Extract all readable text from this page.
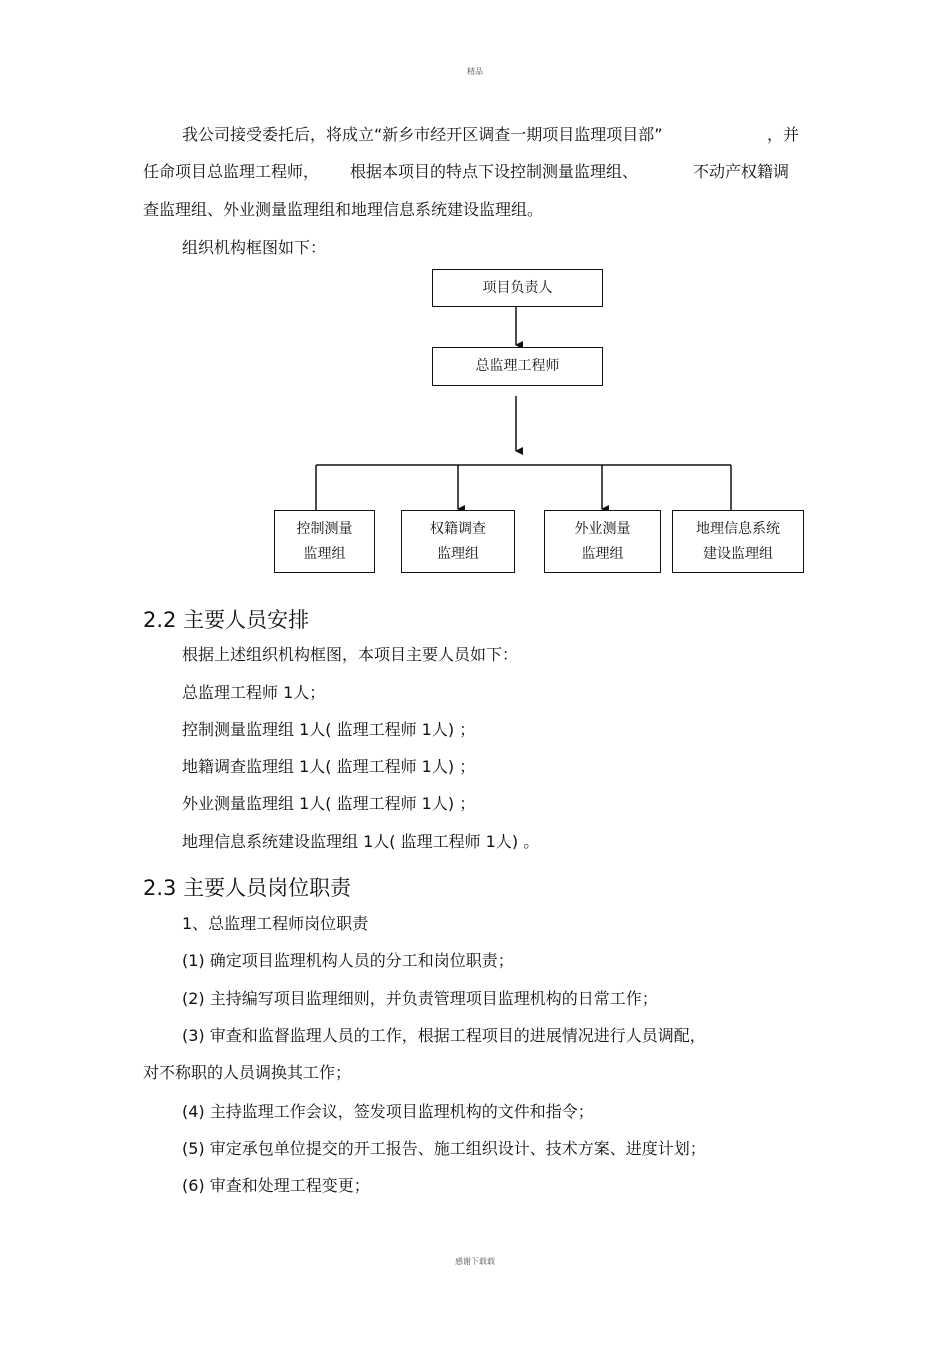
精品
我公司接受委托后，将成立“新乡市经开区调查一期项目监理项目部”	，并
任命项目总监理工程师， 根据本项目的特点下设控制测量监理组、	不动产权籍调
查监理组、外业测量监理组和地理信息系统建设监理组。
组织机构框图如下：
项目负责人
总监理工程师
控制测量
监理组
权籍调查
监理组
外业测量
监理组
地理信息系统
建设监理组
2.2 主要人员安排
根据上述组织机构框图，本项目主要人员如下：
总监理工程师 1人；
控制测量监理组 1人( 监理工程师 1人) ；
地籍调查监理组 1人( 监理工程师 1人) ；
外业测量监理组 1人( 监理工程师 1人) ；
地理信息系统建设监理组 1人( 监理工程师 1人) 。
2.3 主要人员岗位职责
1、总监理工程师岗位职责
(1) 确定项目监理机构人员的分工和岗位职责；
(2) 主持编写项目监理细则，并负责管理项目监理机构的日常工作；
(3) 审查和监督监理人员的工作，根据工程项目的进展情况进行人员调配，
对不称职的人员调换其工作；
(4) 主持监理工作会议，签发项目监理机构的文件和指令；
(5) 审定承包单位提交的开工报告、施工组织设计、技术方案、进度计划；
(6) 审查和处理工程变更；
感谢下载载
